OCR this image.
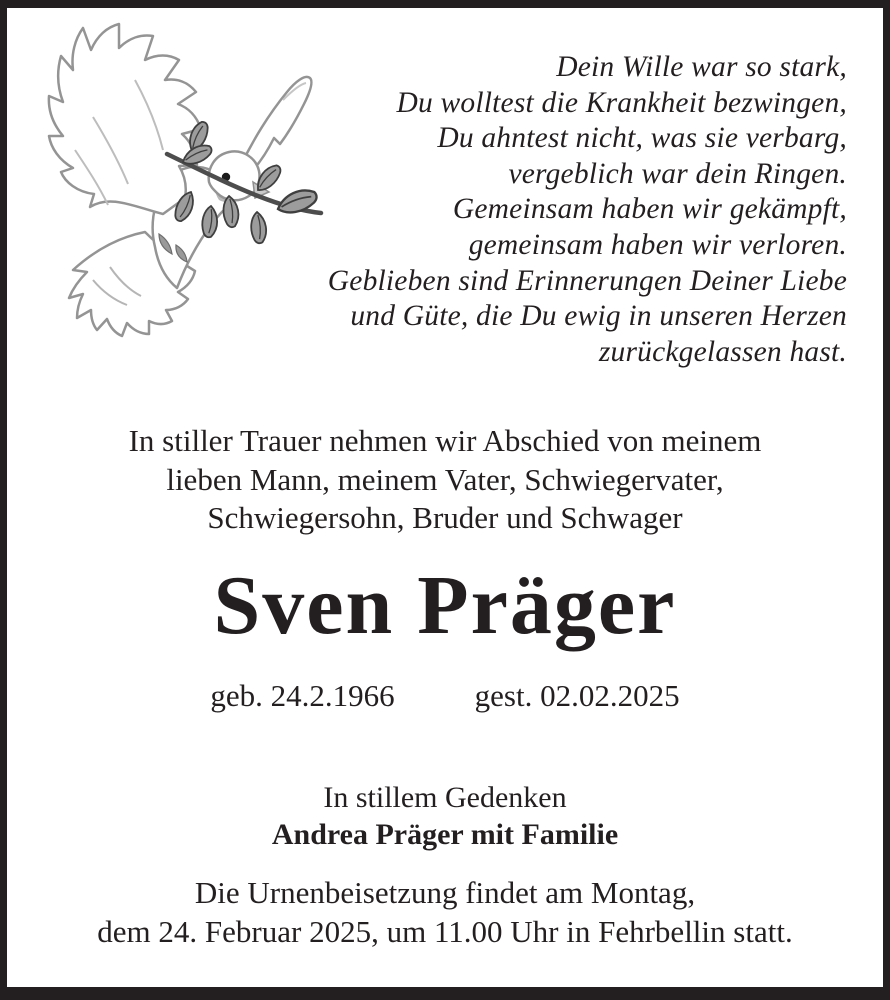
Dein Wille war so stark,
Du wolltest die Krankheit bezwingen,
Du ahntest nicht, was sie verbarg,
vergeblich war dein Ringen.
Gemeinsam haben wir gekämpft,
gemeinsam haben wir verloren.
Geblieben sind Erinnerungen Deiner Liebe
und Güte, die Du ewig in unseren Herzen
zurückgelassen hast.
In stiller Trauer nehmen wir Abschied von meinem
lieben Mann, meinem Vater, Schwiegervater,
Schwiegersohn, Bruder und Schwager
Sven Präger
geb. 24.2.1966	gest. 02.02.2025
In stillem Gedenken
Andrea Präger mit Familie
Die Urnenbeisetzung findet am Montag,
dem 24. Februar 2025, um 11.00 Uhr in Fehrbellin statt.
